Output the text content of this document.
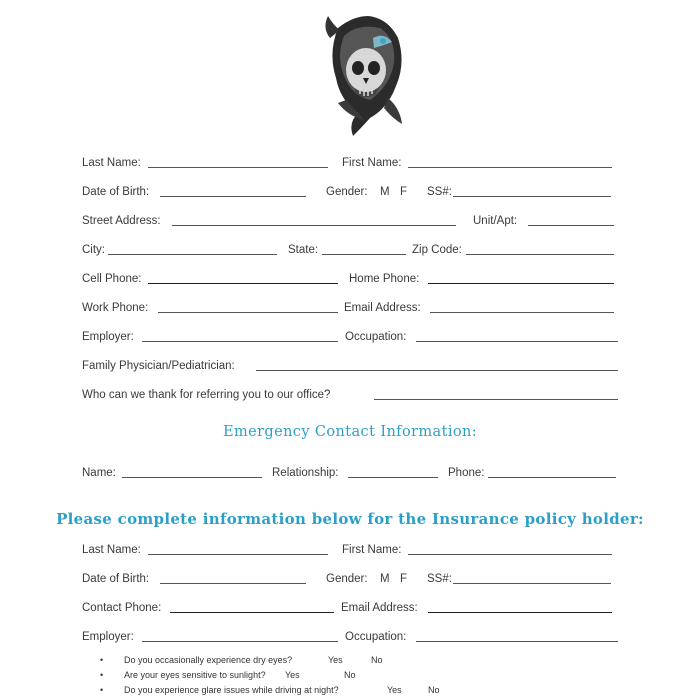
Last Name:	First Name:
Date of Birth:	Gender: M F SS#:
Street Address:	Unit/Apt:
City:	State:	Zip Code:
Cell Phone:	Home Phone:
Work Phone:	Email Address:
Employer:	Occupation:
Family Physician/Pediatrician:
Who can we thank for referring you to our office?
Emergency Contact Information:
Name:	Relationship:	Phone:
Please complete information below for the Insurance policy holder:
Last Name:	First Name:
Date of Birth:	Gender: M F SS#:
Contact Phone:	Email Address:
Employer:	Occupation:
• Do you occasionally experience dry eyes?	Yes	No
• Are your eyes sensitive to sunlight? Yes	No
• Do you experience glare issues while driving at night?	Yes	No
